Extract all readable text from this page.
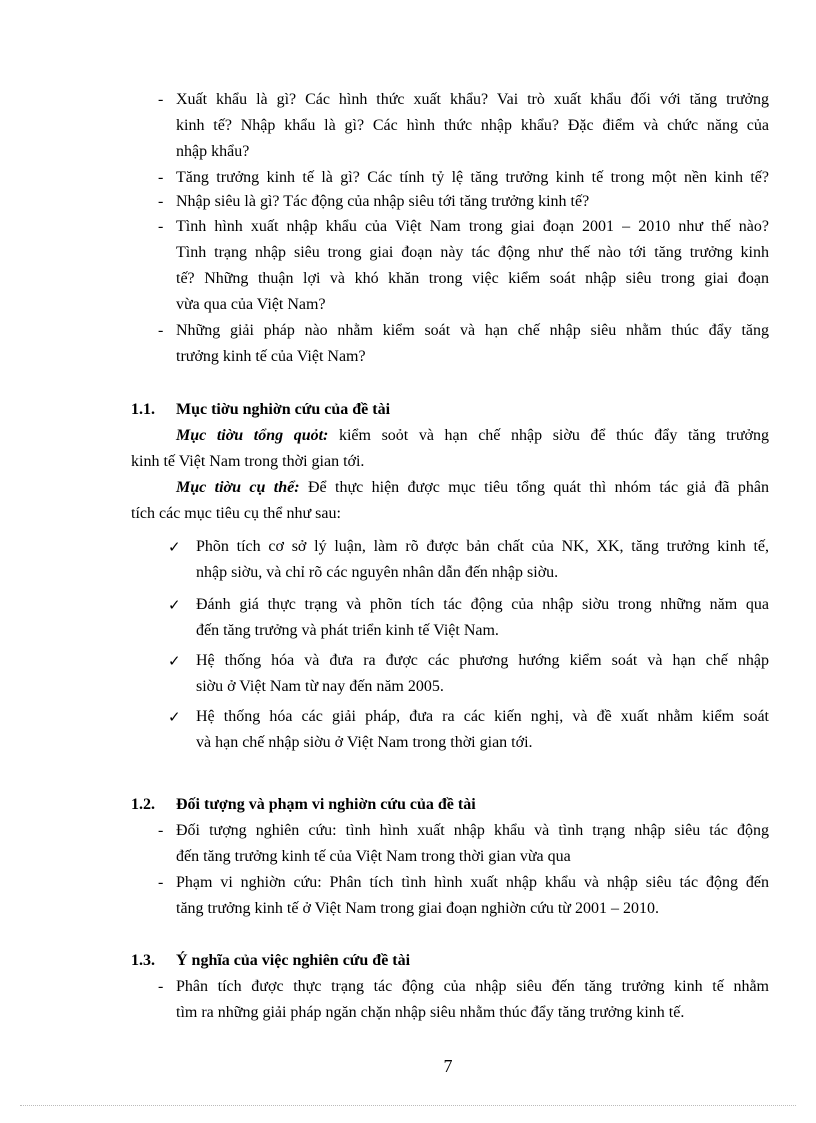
- Xuất khẩu là gì? Các hình thức xuất khẩu? Vai trò xuất khẩu đối với tăng trưởng
kinh tế? Nhập khẩu là gì? Các hình thức nhập khẩu? Đặc điểm và chức năng của
nhập khẩu?
- Tăng trưởng kinh tế là gì? Các tính tỷ lệ tăng trưởng kinh tế trong một nền kinh tế?
- Nhập siêu là gì? Tác động của nhập siêu tới tăng trưởng kinh tế?
- Tình hình xuất nhập khẩu của Việt Nam trong giai đoạn 2001 – 2010 như thế nào?
Tình trạng nhập siêu trong giai đoạn này tác động như thế nào tới tăng trưởng kinh
tế? Những thuận lợi và khó khăn trong việc kiểm soát nhập siêu trong giai đoạn
vừa qua của Việt Nam?
- Những giải pháp nào nhằm kiểm soát và hạn chế nhập siêu nhằm thúc đẩy tăng
trưởng kinh tế của Việt Nam?
1.1. Mục tiờu nghiờn cứu của đề tài
Mục tiờu tổng quỏt: kiểm soỏt và hạn chế nhập siờu để thúc đẩy tăng trưởng
kinh tế Việt Nam trong thời gian tới.
Mục tiờu cụ thể: Để thực hiện được mục tiêu tổng quát thì nhóm tác giả đã phân
tích các mục tiêu cụ thể như sau:
✓ Phõn tích cơ sở lý luận, làm rõ được bản chất của NK, XK, tăng trưởng kinh tế,
nhập siờu, và chỉ rõ các nguyên nhân dẫn đến nhập siờu.
✓ Đánh giá thực trạng và phõn tích tác động của nhập siờu trong những năm qua
đến tăng trưởng và phát triển kinh tế Việt Nam.
✓ Hệ thống hóa và đưa ra được các phương hướng kiểm soát và hạn chế nhập
siờu ở Việt Nam từ nay đến năm 2005.
✓ Hệ thống hóa các giải pháp, đưa ra các kiến nghị, và đề xuất nhằm kiểm soát
và hạn chế nhập siờu ở Việt Nam trong thời gian tới.
1.2. Đối tượng và phạm vi nghiờn cứu của đề tài
- Đối tượng nghiên cứu: tình hình xuất nhập khẩu và tình trạng nhập siêu tác động
đến tăng trưởng kinh tế của Việt Nam trong thời gian vừa qua
- Phạm vi nghiờn cứu: Phân tích tình hình xuất nhập khẩu và nhập siêu tác động đến
tăng trưởng kinh tế ở Việt Nam trong giai đoạn nghiờn cứu từ 2001 – 2010.
1.3. Ý nghĩa của việc nghiên cứu đề tài
- Phân tích được thực trạng tác động của nhập siêu đến tăng trưởng kinh tế nhằm
tìm ra những giải pháp ngăn chặn nhập siêu nhằm thúc đẩy tăng trưởng kinh tế.
7
